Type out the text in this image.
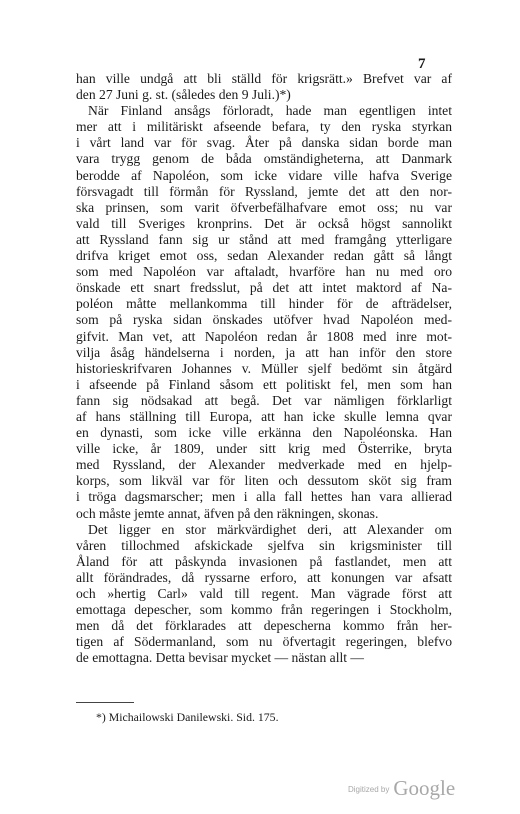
7
han ville undgå att bli ställd för krigsrätt.» Brefvet var af
den 27 Juni g. st. (således den 9 Juli.)*)
När Finland ansågs förloradt, hade man egentligen intet
mer att i militäriskt afseende befara, ty den ryska styrkan
i vårt land var för svag. Åter på danska sidan borde man
vara trygg genom de båda omständigheterna, att Danmark
berodde af Napoléon, som icke vidare ville hafva Sverige
försvagadt till förmån för Ryssland, jemte det att den nor-
ska prinsen, som varit öfverbefälhafvare emot oss; nu var
vald till Sveriges kronprins. Det är också högst sannolikt
att Ryssland fann sig ur stånd att med framgång ytterligare
drifva kriget emot oss, sedan Alexander redan gått så långt
som med Napoléon var aftaladt, hvarföre han nu med oro
önskade ett snart fredsslut, på det att intet maktord af Na-
poléon måtte mellankomma till hinder för de afträdelser,
som på ryska sidan önskades utöfver hvad Napoléon med-
gifvit. Man vet, att Napoléon redan år 1808 med inre mot-
vilja åsåg händelserna i norden, ja att han inför den store
historieskrifvaren Johannes v. Müller sjelf bedömt sin åtgärd
i afseende på Finland såsom ett politiskt fel, men som han
fann sig nödsakad att begå. Det var nämligen förklarligt
af hans ställning till Europa, att han icke skulle lemna qvar
en dynasti, som icke ville erkänna den Napoléonska. Han
ville icke, år 1809, under sitt krig med Österrike, bryta
med Ryssland, der Alexander medverkade med en hjelp-
korps, som likväl var för liten och dessutom sköt sig fram
i tröga dagsmarscher; men i alla fall hettes han vara allierad
och måste jemte annat, äfven på den räkningen, skonas.
Det ligger en stor märkvärdighet deri, att Alexander om
våren tillochmed afskickade sjelfva sin krigsminister till
Åland för att påskynda invasionen på fastlandet, men att
allt förändrades, då ryssarne erforo, att konungen var afsatt
och »hertig Carl» vald till regent. Man vägrade först att
emottaga depescher, som kommo från regeringen i Stockholm,
men då det förklarades att depescherna kommo från her-
tigen af Södermanland, som nu öfvertagit regeringen, blefvo
de emottagna. Detta bevisar mycket — nästan allt —
*) Michailowski Danilewski. Sid. 175.
Digitized by Google
